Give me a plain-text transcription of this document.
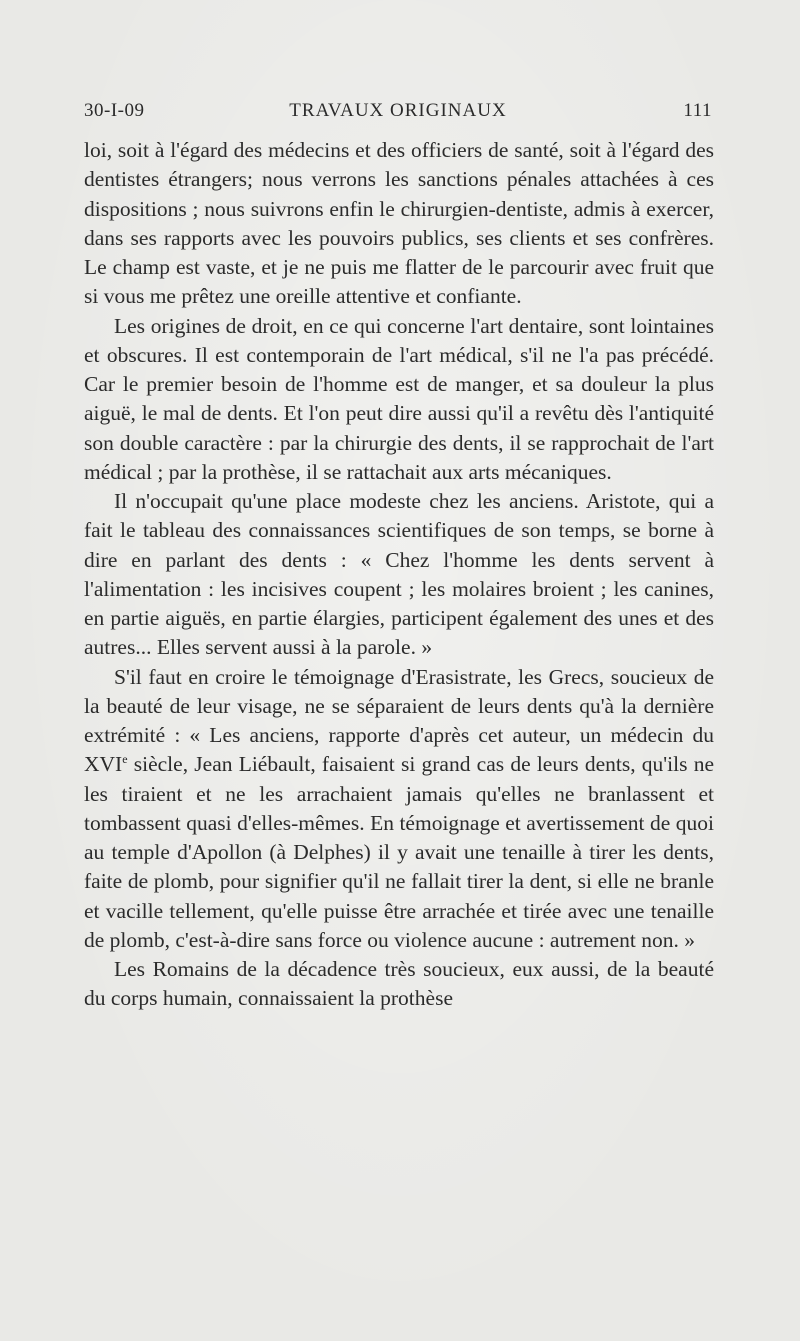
30-I-09	TRAVAUX ORIGINAUX	111

loi, soit à l'égard des médecins et des officiers de santé, soit à l'égard des dentistes étrangers; nous verrons les sanctions pénales attachées à ces dispositions ; nous suivrons enfin le chirurgien-dentiste, admis à exercer, dans ses rapports avec les pouvoirs publics, ses clients et ses confrères. Le champ est vaste, et je ne puis me flatter de le parcourir avec fruit que si vous me prêtez une oreille attentive et confiante.

Les origines de droit, en ce qui concerne l'art dentaire, sont lointaines et obscures. Il est contemporain de l'art médical, s'il ne l'a pas précédé. Car le premier besoin de l'homme est de manger, et sa douleur la plus aiguë, le mal de dents. Et l'on peut dire aussi qu'il a revêtu dès l'antiquité son double caractère : par la chirurgie des dents, il se rapprochait de l'art médical ; par la prothèse, il se rattachait aux arts mécaniques.

Il n'occupait qu'une place modeste chez les anciens. Aristote, qui a fait le tableau des connaissances scientifiques de son temps, se borne à dire en parlant des dents : « Chez l'homme les dents servent à l'alimentation : les incisives coupent ; les molaires broient ; les canines, en partie aiguës, en partie élargies, participent également des unes et des autres... Elles servent aussi à la parole. »

S'il faut en croire le témoignage d'Erasistrate, les Grecs, soucieux de la beauté de leur visage, ne se séparaient de leurs dents qu'à la dernière extrémité : « Les anciens, rapporte d'après cet auteur, un médecin du XVIe siècle, Jean Liébault, faisaient si grand cas de leurs dents, qu'ils ne les tiraient et ne les arrachaient jamais qu'elles ne branlassent et tombassent quasi d'elles-mêmes. En témoignage et avertissement de quoi au temple d'Apollon (à Delphes) il y avait une tenaille à tirer les dents, faite de plomb, pour signifier qu'il ne fallait tirer la dent, si elle ne branle et vacille tellement, qu'elle puisse être arrachée et tirée avec une tenaille de plomb, c'est-à-dire sans force ou violence aucune : autrement non. »

Les Romains de la décadence très soucieux, eux aussi, de la beauté du corps humain, connaissaient la prothèse
